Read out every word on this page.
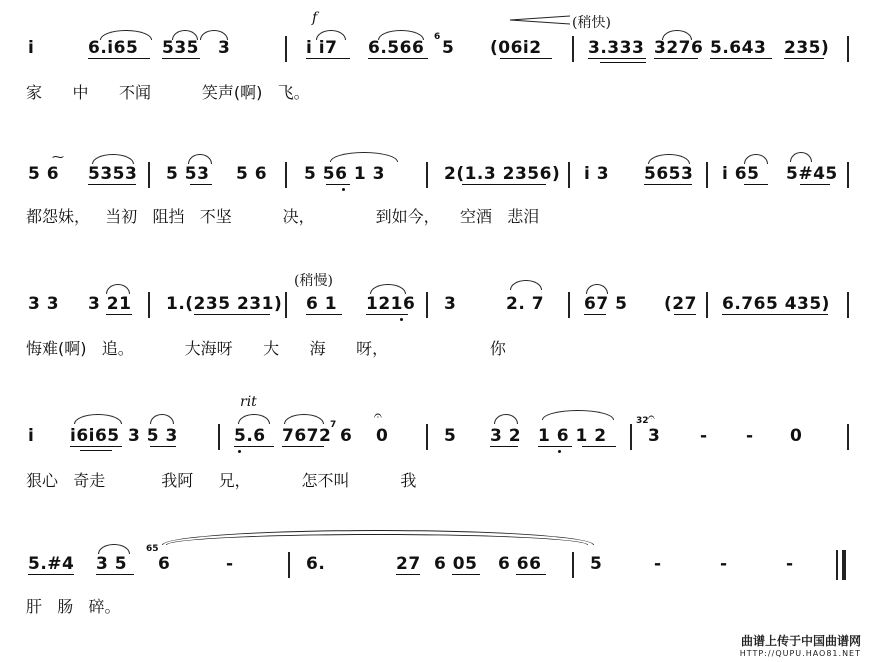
f	(稍快)
i	6.i65 535 3	i i7 6.566
6
5 (06i2	3.333 3276 5.643 235)
家      中      不闻          笑声(啊)   飞。
5 6
⁓
5353 5 53 5 6 5 56 1 3	2(1.3 2356) i 3 5653 i 65 5#45
都怨妹，   当初   阻挡   不坚          决，            到如今，    空酒   悲泪
(稍慢)
3 3 3 21 1.(235 231) 6 1 1216 3	2. 7 67 5 (27 6.765 435)
悔难(啊)   追。          大海呀      大      海      呀，                    你
rit
i i6i65 3 5 3	5.6 7672
7
6 0
𝄐
5 3 2 1 6 1 2
32
3
𝄐
- - 0
狠心   奇走           我阿     兄，          怎不叫          我
5.#4 3 5
65
6	-	6.	27 6 05 6 66	5	-	-	-
肝   肠   碎。
曲谱上传于中国曲谱网
HTTP://QUPU.HAO81.NET
